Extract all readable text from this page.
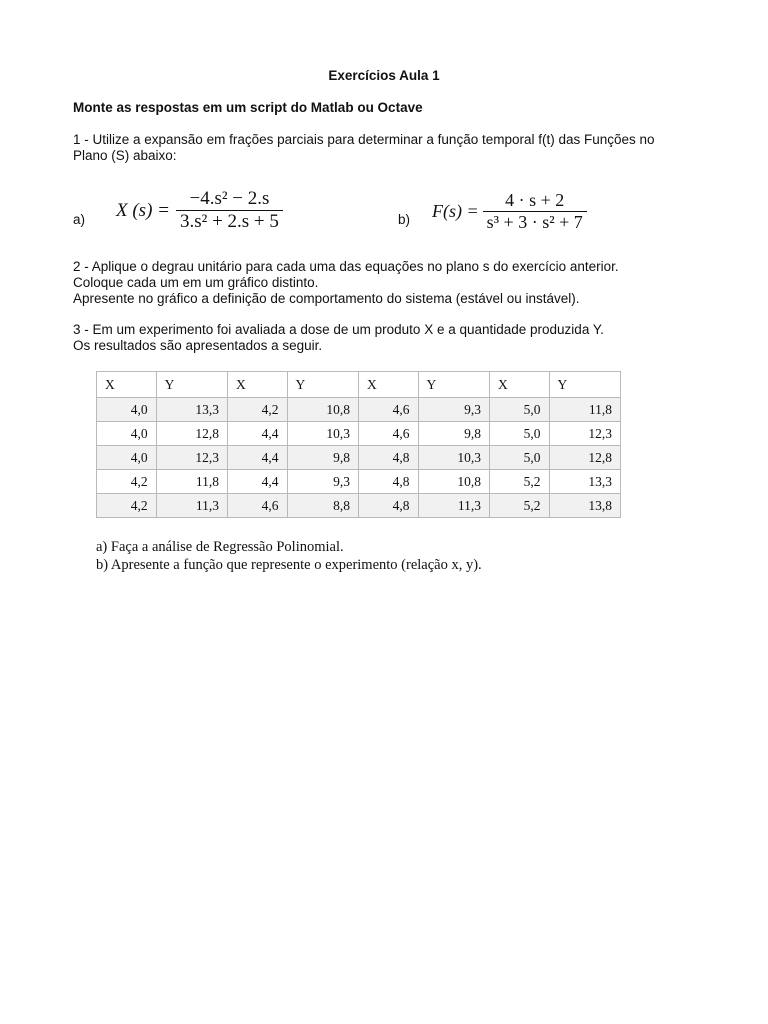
Exercícios Aula 1
Monte as respostas em um script do Matlab ou Octave
1 - Utilize a expansão em frações parciais para determinar a função temporal f(t) das Funções no
Plano (S) abaixo:
a) X $(s) = \frac{\text{−4.s² − 2.s}}{\text{3.s² + 2.s + 5}}$	b) $F(s) = \frac{4 \cdot s + 2}{\text{s³ + 3 · s² + 7}}$
2 - Aplique o degrau unitário para cada uma das equações no plano s do exercício anterior.
Coloque cada um em um gráfico distinto.
Apresente no gráfico a definição de comportamento do sistema (estável ou instável).
3 - Em um experimento foi avaliada a dose de um produto X e a quantidade produzida Y.
Os resultados são apresentados a seguir.
X	Y	X	Y	X	Y	X	Y
4,0	13,3	4,2	10,8	4,6	9,3	5,0	11,8
4,0	12,8	4,4	10,3	4,6	9,8	5,0	12,3
4,0	12,3	4,4	9,8	4,8	10,3	5,0	12,8
4,2	11,8	4,4	9,3	4,8	10,8	5,2	13,3
4,2	11,3	4,6	8,8	4,8	11,3	5,2	13,8
a) Faça a análise de Regressão Polinomial.
b) Apresente a função que represente o experimento (relação x, y).
